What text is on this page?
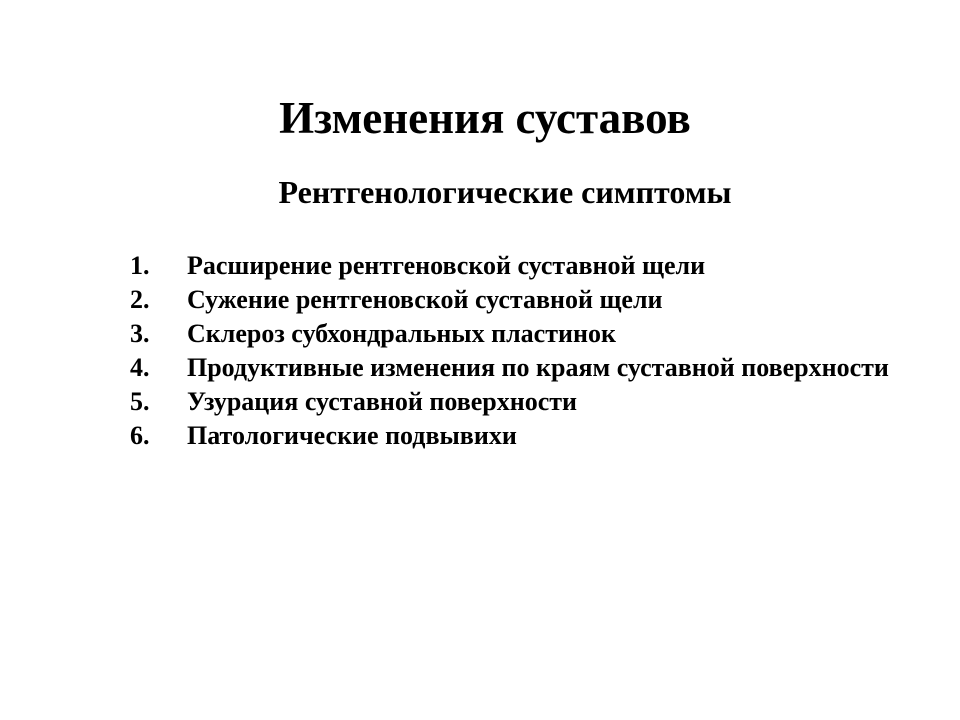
Изменения суставов
Рентгенологические симптомы
1.	Расширение рентгеновской суставной щели
2.	Сужение рентгеновской суставной щели
3.	Склероз субхондральных пластинок
4.	Продуктивные изменения по краям суставной поверхности
5.	Узурация суставной поверхности
6.	Патологические подвывихи
